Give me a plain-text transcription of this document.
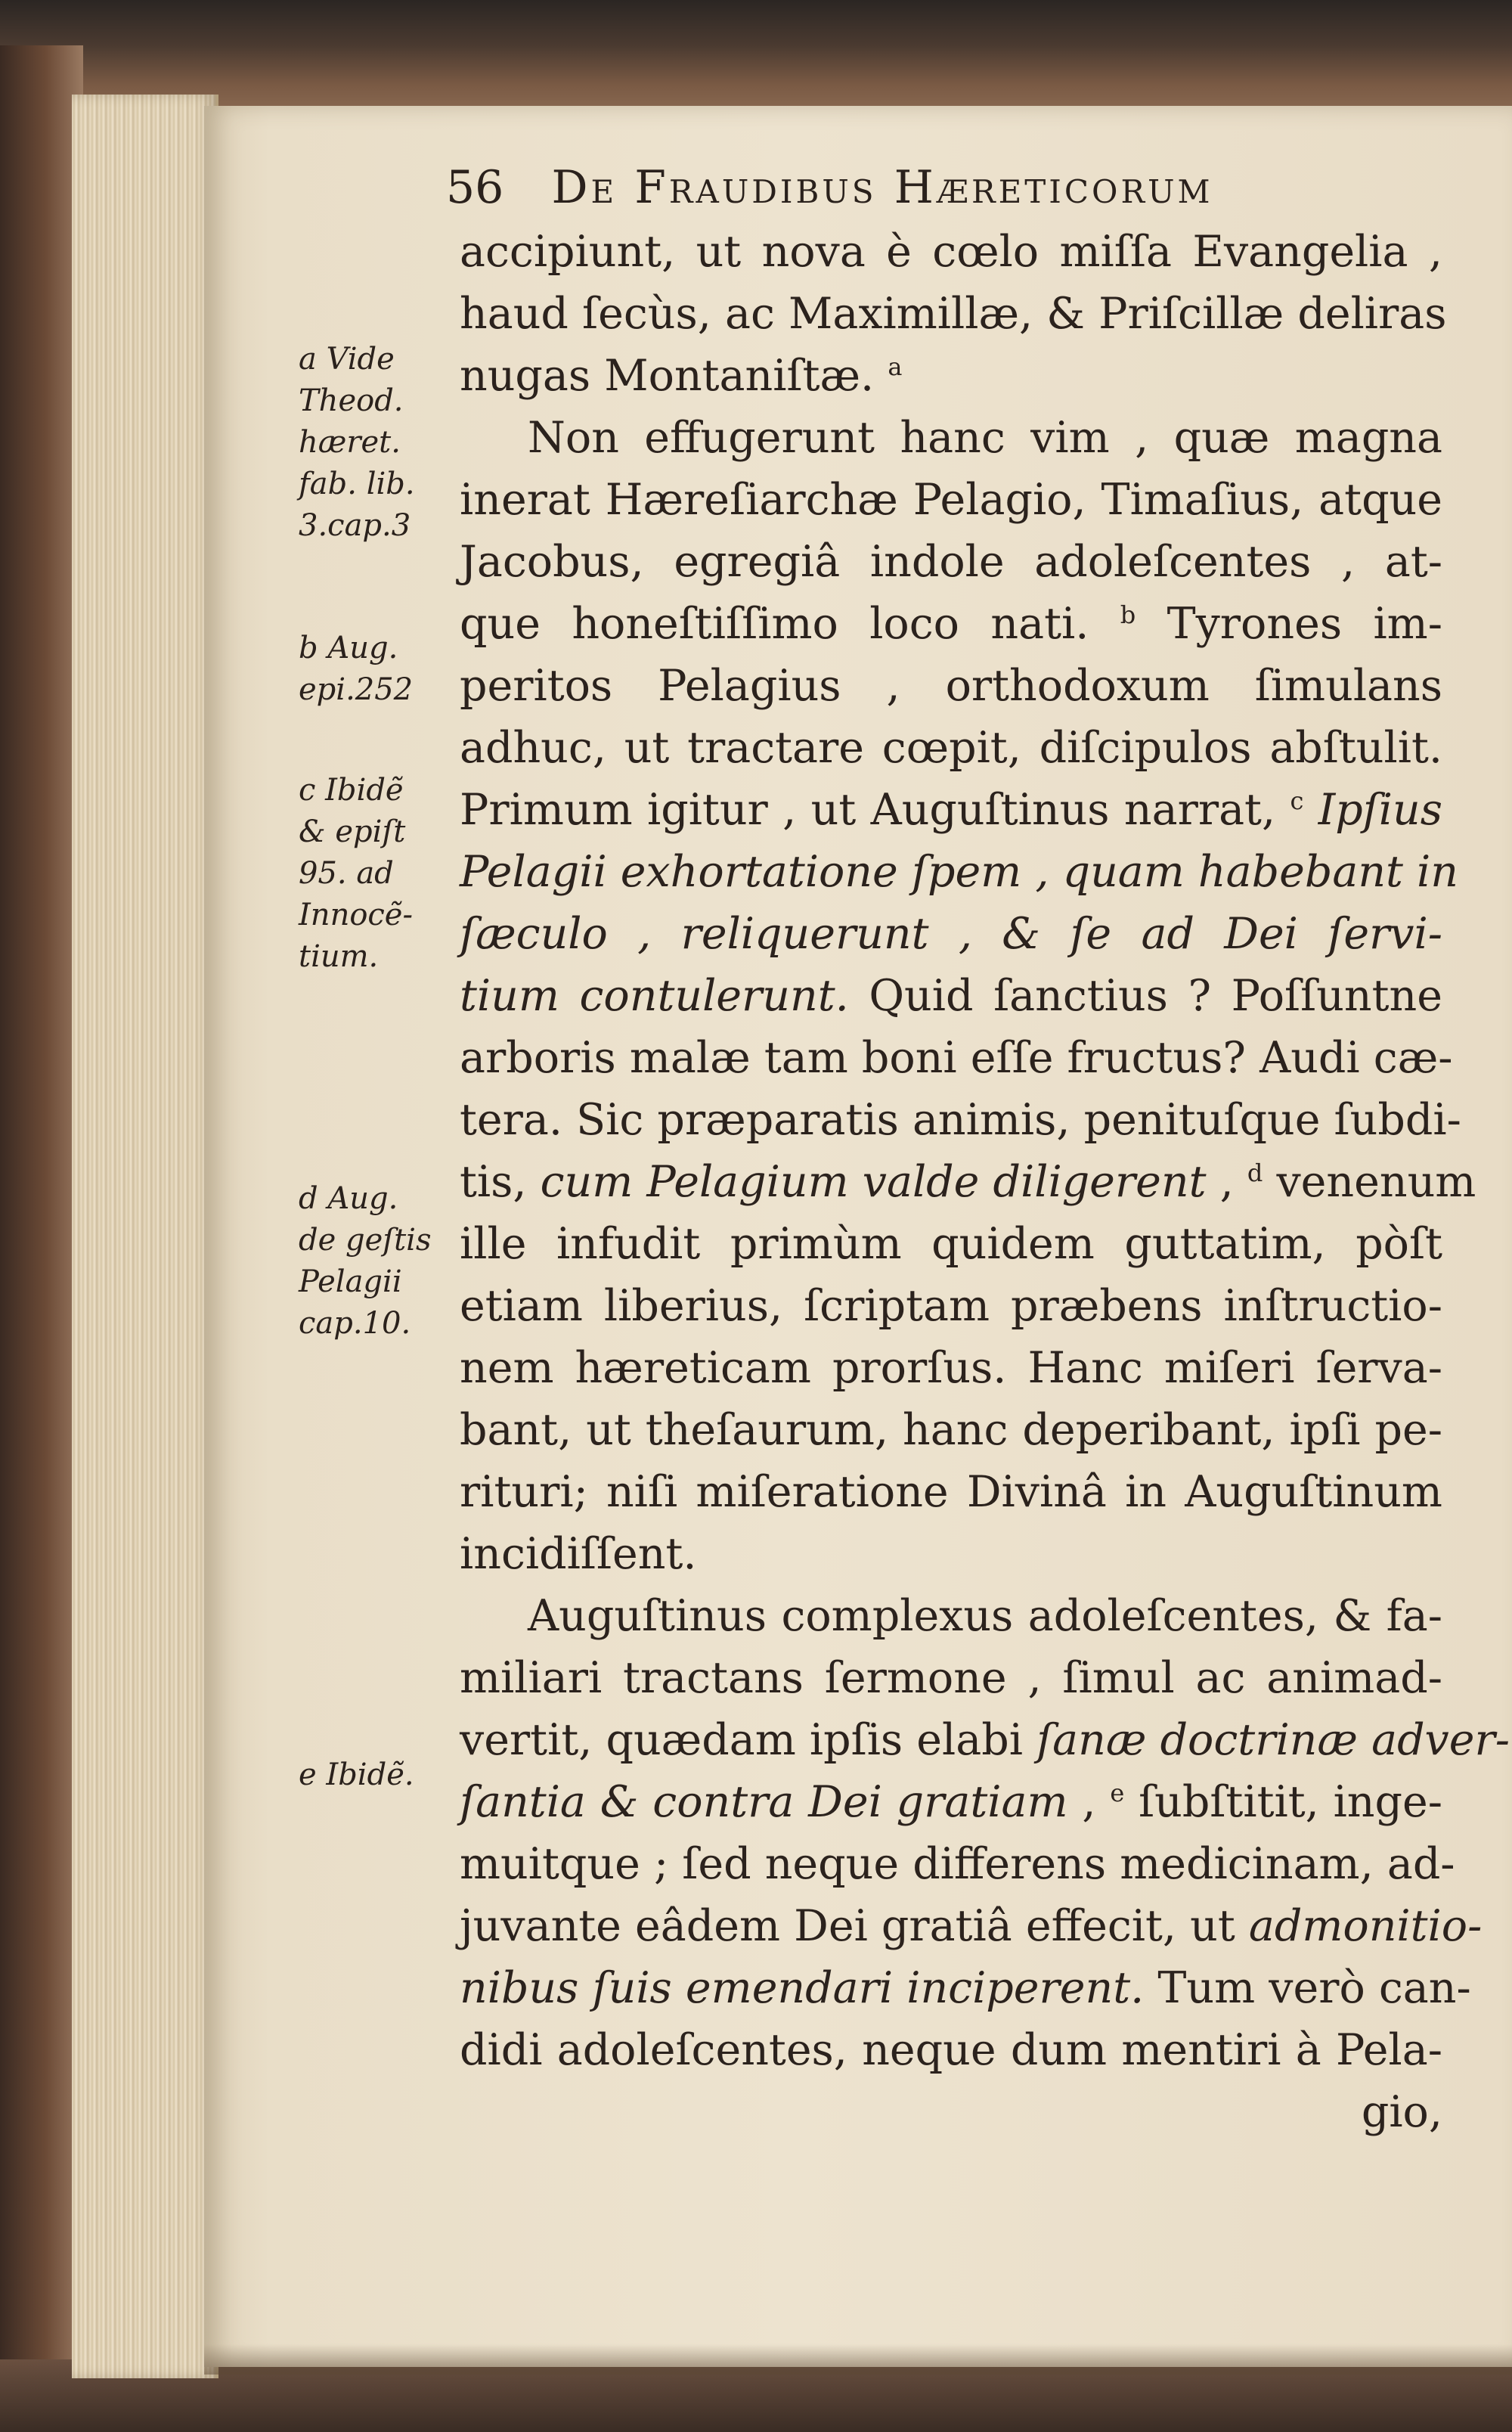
56 De Fraudibus Hæreticorum
a Vide
Theod.
hæret.
fab. lib.
3.cap.3
b Aug.
epi.252
c Ibidẽ
& epiſt
95. ad
Innocẽ-
tium.
d Aug.
de geſtis
Pelagii
cap.10.
e Ibidẽ.
accipiunt, ut nova è cœlo miſſa Evangelia ,
haud ſecùs, ac Maximillæ, & Priſcillæ deliras
nugas Montaniſtæ. $^a$
Non effugerunt hanc vim , quæ magna
inerat Hæreſiarchæ Pelagio, Timaſius, atque
Jacobus, egregiâ indole adoleſcentes , at-
que honeſtiſſimo loco nati. $^b$ Tyrones im-
peritos Pelagius , orthodoxum ſimulans
adhuc, ut tractare cœpit, diſcipulos abſtulit.
Primum igitur , ut Auguſtinus narrat, $^c$ Ipſius
Pelagii exhortatione ſpem , quam habebant in
ſæculo , reliquerunt , & ſe ad Dei ſervi-
tium contulerunt. Quid ſanctius ? Poſſuntne
arboris malæ tam boni eſſe fructus? Audi cæ-
tera. Sic præparatis animis, penituſque ſubdi-
tis, cum Pelagium valde diligerent , $^d$ venenum
ille infudit primùm quidem guttatim, pòſt
etiam liberius, ſcriptam præbens inſtructio-
nem hæreticam prorſus. Hanc miſeri ſerva-
bant, ut theſaurum, hanc deperibant, ipſi pe-
rituri; niſi miſeratione Divinâ in Auguſtinum
incidiſſent.
Auguſtinus complexus adoleſcentes, & fa-
miliari tractans ſermone , ſimul ac animad-
vertit, quædam ipſis elabi ſanæ doctrinæ adver-
ſantia & contra Dei gratiam , $^e$ ſubſtitit, inge-
muitque ; ſed neque differens medicinam, ad-
juvante eâdem Dei gratiâ effecit, ut admonitio-
nibus ſuis emendari inciperent. Tum verò can-
didi adoleſcentes, neque dum mentiri à Pela-
gio,
